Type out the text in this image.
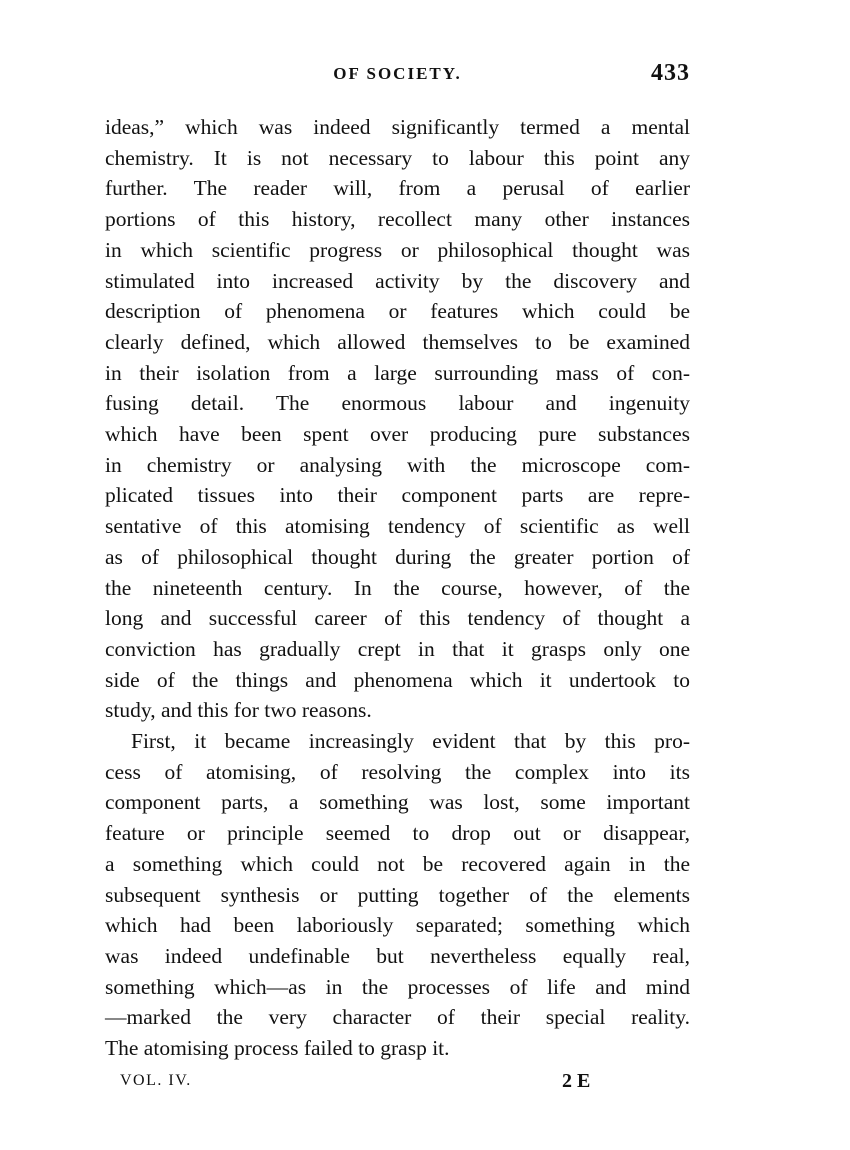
OF SOCIETY.	433
ideas,” which was indeed significantly termed a mental
chemistry. It is not necessary to labour this point any
further. The reader will, from a perusal of earlier
portions of this history, recollect many other instances
in which scientific progress or philosophical thought was
stimulated into increased activity by the discovery and
description of phenomena or features which could be
clearly defined, which allowed themselves to be examined
in their isolation from a large surrounding mass of con-
fusing detail. The enormous labour and ingenuity
which have been spent over producing pure substances
in chemistry or analysing with the microscope com-
plicated tissues into their component parts are repre-
sentative of this atomising tendency of scientific as well
as of philosophical thought during the greater portion of
the nineteenth century. In the course, however, of the
long and successful career of this tendency of thought a
conviction has gradually crept in that it grasps only one
side of the things and phenomena which it undertook to
study, and this for two reasons.
First, it became increasingly evident that by this pro-
cess of atomising, of resolving the complex into its
component parts, a something was lost, some important
feature or principle seemed to drop out or disappear,
a something which could not be recovered again in the
subsequent synthesis or putting together of the elements
which had been laboriously separated; something which
was indeed undefinable but nevertheless equally real,
something which—as in the processes of life and mind
—marked the very character of their special reality.
The atomising process failed to grasp it.
VOL. IV.	2 E
